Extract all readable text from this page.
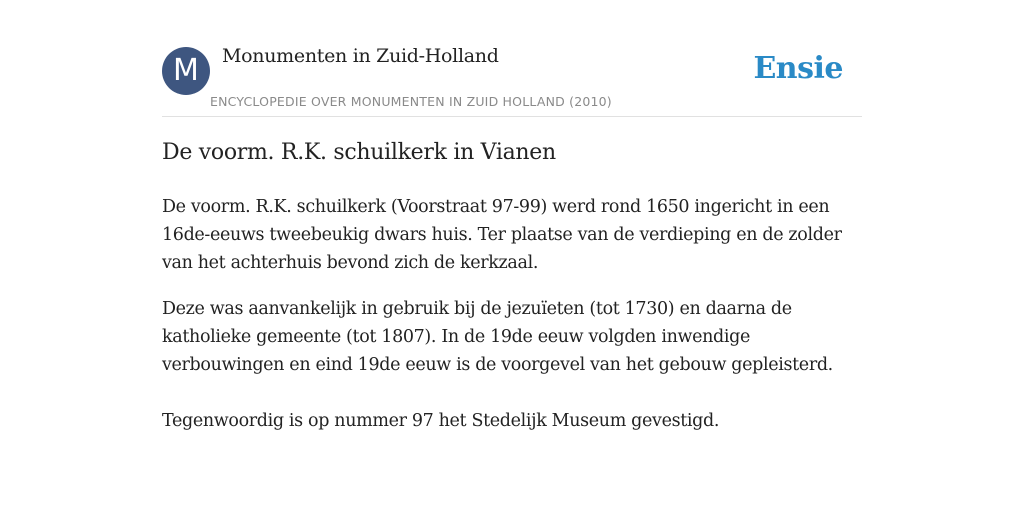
M	Monumenten in Zuid-Holland
ENCYCLOPEDIE OVER MONUMENTEN IN ZUID HOLLAND (2010)
Ensie
De voorm. R.K. schuilkerk in Vianen

De voorm. R.K. schuilkerk (Voorstraat 97-99) werd rond 1650 ingericht in een 16de-eeuws tweebeukig dwars huis. Ter plaatse van de verdieping en de zolder van het achterhuis bevond zich de kerkzaal.

Deze was aanvankelijk in gebruik bij de jezuïeten (tot 1730) en daarna de katholieke gemeente (tot 1807). In de 19de eeuw volgden inwendige verbouwingen en eind 19de eeuw is de voorgevel van het gebouw gepleisterd.

Tegenwoordig is op nummer 97 het Stedelijk Museum gevestigd.
